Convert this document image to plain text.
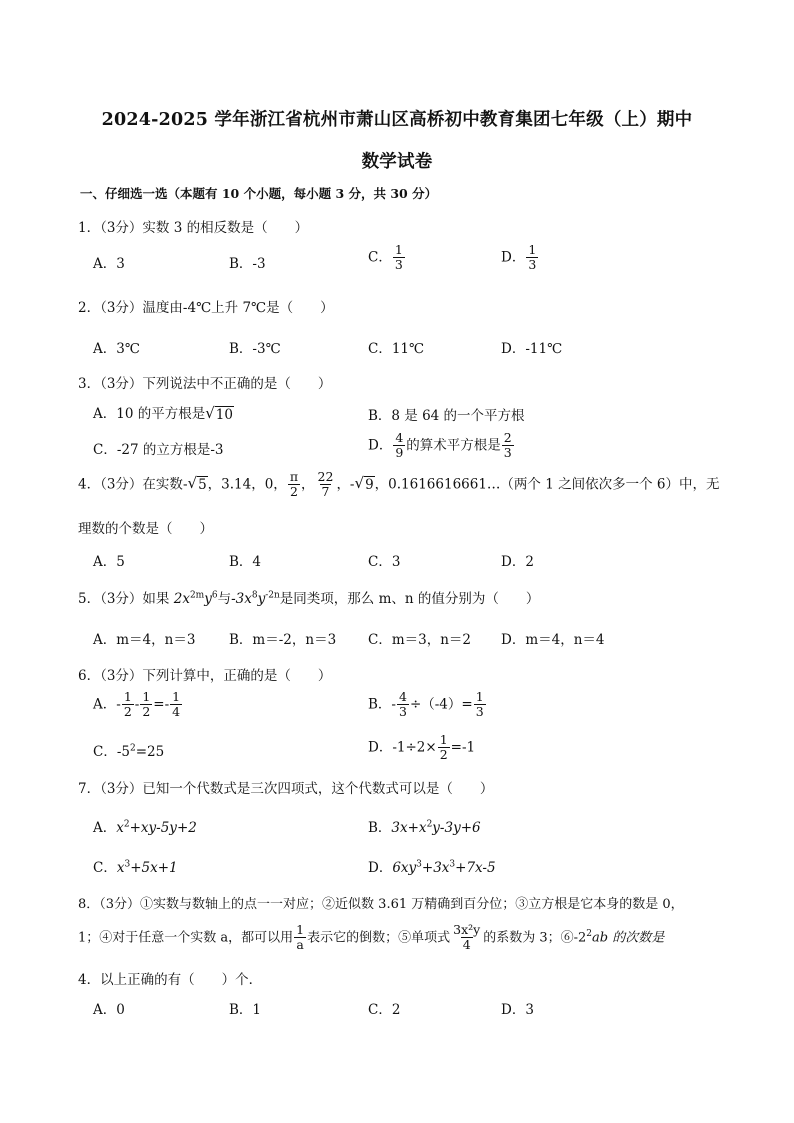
2024-2025 学年浙江省杭州市萧山区高桥初中教育集团七年级（上）期中
数学试卷
一、仔细选一选（本题有 10 个小题，每小题 3 分，共 30 分）
1．（3分）实数 3 的相反数是（　　）
A．3	B．-3	C． $\frac{1}{3}$	D． $\frac{1}{3}$
2．（3分）温度由-4℃上升 7℃是（　　）
A．3℃	B．-3℃	C．11℃	D．-11℃
3．（3分）下列说法中不正确的是（　　）
A．10 的平方根是 √ 10	B．8 是 64 的一个平方根
C．-27 的立方根是-3	D． $\frac{4}{9}$ 的算术平方根是 $\frac{2}{3}$
4．（3分）在实数- √ 5 ，3.14，0， $\frac{\pi}{2}$ ， $\frac{22}{7}$ ，- √ 9 ，0.1616616661…（两个 1 之间依次多一个 6）中，无
理数的个数是（　　）
A．5	B．4	C．3	D．2
5．（3分）如果 $2x^{2m}y^6$与$-3x^8y^{-2n}$是同类项，那么 m、n 的值分别为（　　）
A．m＝4，n＝3 B．m＝-2，n＝3 C．m＝3，n＝2 D．m＝4，n＝4
6．（3分）下列计算中，正确的是（　　）
A．- $\frac{1}{2} - \frac{1}{2} =- \frac{1}{4}$	B．- $\frac{4}{3} \div(-4)= \frac{1}{3}$
C．$-5^2=25$	D．$-1\div 2\times \frac{1}{2} =-1$
7．（3分）已知一个代数式是三次四项式，这个代数式可以是（　　）
A．$x^2+xy-5y+2$	B．$3x+x^2y-3y+6$
C．$x^3+5x+1$	D．$6xy^3+3x^3+7x-5$
8．（3分）①实数与数轴上的点一一对应；②近似数 3.61 万精确到百分位；③立方根是它本身的数是 0，
1；④对于任意一个实数 a，都可以用 $\frac{1}{a}$ 表示它的倒数；⑤单项式 $\frac{\text{3x²y}}{4}$ 的系数为 3；$⑥-2^2ab$ 的次数是
4．以上正确的有（　　）个．
A．0	B．1	C．2	D．3
